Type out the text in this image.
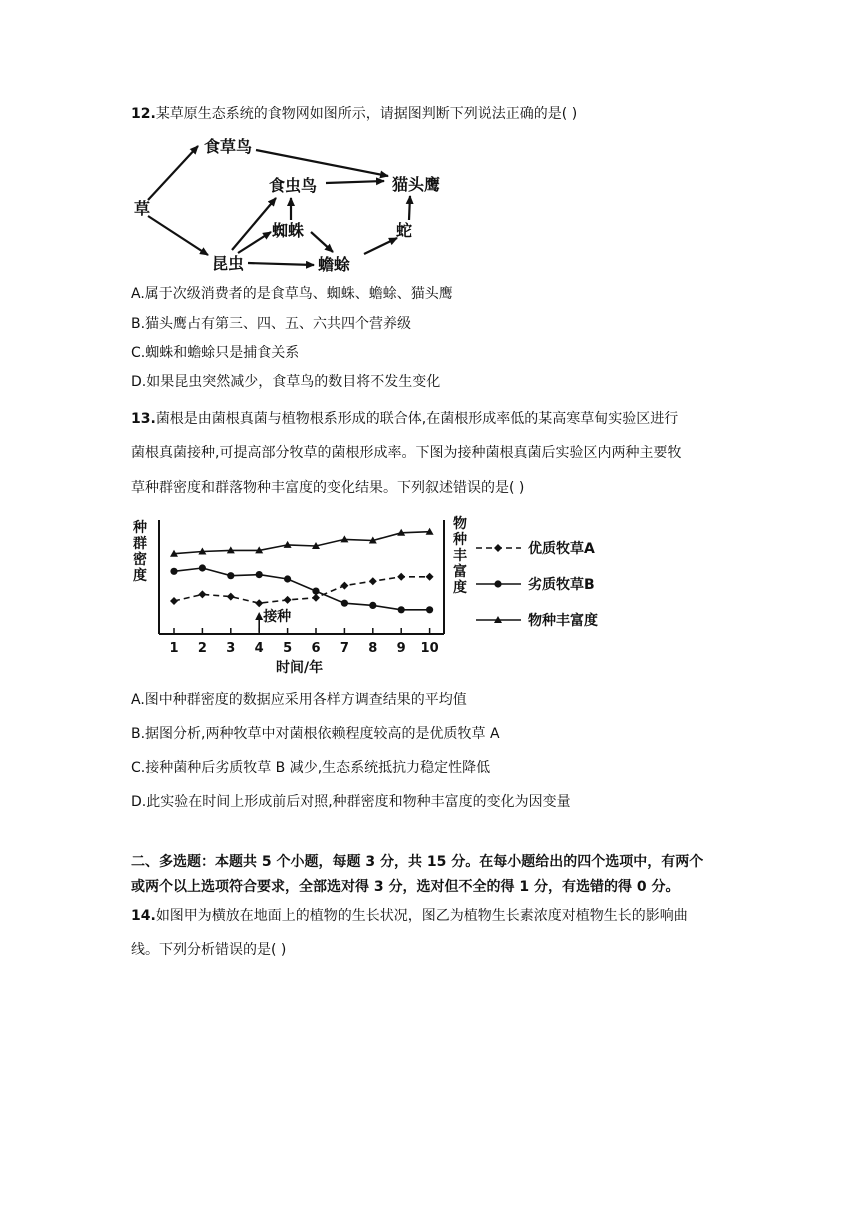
12.某草原生态系统的食物网如图所示，请据图判断下列说法正确的是( )
草
食草鸟
食虫鸟	猫头鹰
蜘蛛	蛇
昆虫	蟾蜍
A.属于次级消费者的是食草鸟、蜘蛛、蟾蜍、猫头鹰
B.猫头鹰占有第三、四、五、六共四个营养级
C.蜘蛛和蟾蜍只是捕食关系
D.如果昆虫突然减少，食草鸟的数目将不发生变化
13.菌根是由菌根真菌与植物根系形成的联合体,在菌根形成率低的某高寒草甸实验区进行
菌根真菌接种,可提高部分牧草的菌根形成率。下图为接种菌根真菌后实验区内两种主要牧
草种群密度和群落物种丰富度的变化结果。下列叙述错误的是( )
种
群
密
度
物
种
丰
富
度
1 2 3 4 5 6 7 8 9 10
时间/年
接种
优质牧草A
劣质牧草B
物种丰富度
A.图中种群密度的数据应采用各样方调查结果的平均值
B.据图分析,两种牧草中对菌根依赖程度较高的是优质牧草 A
C.接种菌种后劣质牧草 B 减少,生态系统抵抗力稳定性降低
D.此实验在时间上形成前后对照,种群密度和物种丰富度的变化为因变量
二、多选题：本题共 5 个小题，每题 3 分，共 15 分。在每小题给出的四个选项中，有两个
或两个以上选项符合要求，全部选对得 3 分，选对但不全的得 1 分，有选错的得 0 分。
14.如图甲为横放在地面上的植物的生长状况，图乙为植物生长素浓度对植物生长的影响曲
线。下列分析错误的是( )
